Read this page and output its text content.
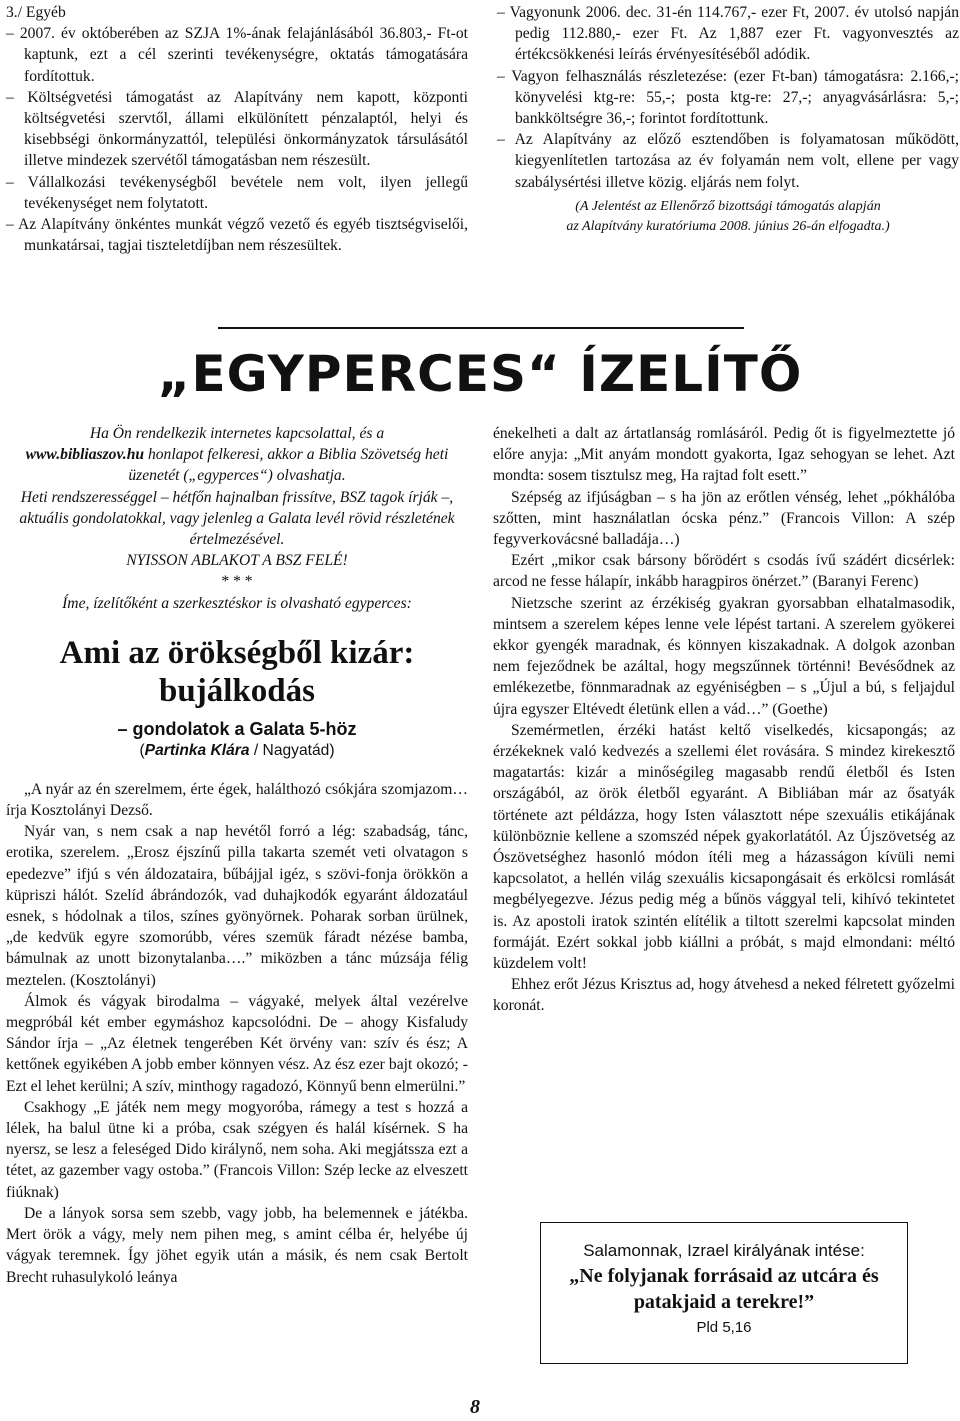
3./ Egyéb

– 2007. év októberében az SZJA 1%-ának felajánlásából 36.803,- Ft-ot kaptunk, ezt a cél szerinti tevékenységre, oktatás támogatására fordítottuk.

– Költségvetési támogatást az Alapítvány nem kapott, központi költségvetési szervtől, állami elkülönített pénzalaptól, helyi és kisebbségi önkormányzattól, települési önkormányzatok társulásától illetve mindezek szervétől támogatásban nem részesült.

– Vállalkozási tevékenységből bevétele nem volt, ilyen jellegű tevékenységet nem folytatott.

– Az Alapítvány önkéntes munkát végző vezető és egyéb tisztségviselői, munkatársai, tagjai tiszteletdíjban nem részesültek.

– Vagyonunk 2006. dec. 31-én 114.767,- ezer Ft, 2007. év utolsó napján pedig 112.880,- ezer Ft. Az 1,887 ezer Ft. vagyonvesztés az értékcsökkenési leírás érvényesítéséből adódik.

– Vagyon felhasználás részletezése: (ezer Ft-ban) támogatásra: 2.166,-; könyvelési ktg-re: 55,-; posta ktg-re: 27,-; anyagvásárlásra: 5,-; bankköltségre 36,-; forintot fordítottunk.

– Az Alapítvány az előző esztendőben is folyamatosan működött, kiegyenlítetlen tartozása az év folyamán nem volt, ellene per vagy szabálysértési illetve közig. eljárás nem folyt.

(A Jelentést az Ellenőrző bizottsági támogatás alapján
az Alapítvány kuratóriuma 2008. június 26-án elfogadta.)

„EGYPERCES“ ÍZELÍTŐ

Ha Ön rendelkezik internetes kapcsolattal, és a
www.bibliaszov.hu honlapot felkeresi, akkor a Biblia Szövetség heti üzenetét („egyperces“) olvashatja.

Heti rendszerességgel – hétfőn hajnalban frissítve, BSZ tagok írják –, aktuális gondolatokkal, vagy jelenleg a Galata levél rövid részletének értelmezésével.

NYISSON ABLAKOT A BSZ FELÉ!

* * *

Íme, ízelítőként a szerkesztéskor is olvasható egyperces:

Ami az örökségből kizár: bujálkodás
– gondolatok a Galata 5-höz
(Partinka Klára / Nagyatád)

„A nyár az én szerelmem, érte égek, halálthozó csókjára szomjazom… írja Kosztolányi Dezső.

Nyár van, s nem csak a nap hevétől forró a lég: szabadság, tánc, erotika, szerelem. „Erosz éjszínű pilla takarta szemét veti olvatagon s epedezve” ifjú s vén áldozataira, bűbájjal igéz, s szövi-fonja örökkön a küpriszi hálót. Szelíd ábrándozók, vad duhajkodók egyaránt áldozatául esnek, s hódolnak a tilos, színes gyönyörnek. Poharak sorban ürülnek, „de kedvük egyre szomorúbb, véres szemük fáradt nézése bamba, bámulnak az unott bizonytalanba….” miközben a tánc múzsája félig meztelen. (Kosztolányi)

Álmok és vágyak birodalma – vágyaké, melyek által vezérelve megpróbál két ember egymáshoz kapcsolódni. De – ahogy Kisfaludy Sándor írja – „Az életnek tengerében Két örvény van: szív és ész; A kettőnek egyikében A jobb ember könnyen vész. Az ész ezer bajt okozó; - Ezt el lehet kerülni; A szív, minthogy ragadozó, Könnyű benn elmerülni.”

Csakhogy „E játék nem megy mogyoróba, rámegy a test s hozzá a lélek, ha balul ütne ki a próba, csak szégyen és halál kísérnek. S ha nyersz, se lesz a feleséged Dido királynő, nem soha. Aki megjátssza ezt a tétet, az gazember vagy ostoba.” (Francois Villon: Szép lecke az elveszett fiúknak)

De a lányok sorsa sem szebb, vagy jobb, ha belemennek e játékba. Mert örök a vágy, mely nem pihen meg, s amint célba ér, helyébe új vágyak teremnek. Így jöhet egyik után a másik, és nem csak Bertolt Brecht ruhasulykoló leánya

énekelheti a dalt az ártatlanság romlásáról. Pedig őt is figyelmeztette jó előre anyja: „Mit anyám mondott gyakorta, Igaz sehogyan se lehet. Azt mondta: sosem tisztulsz meg, Ha rajtad folt esett.”

Szépség az ifjúságban – s ha jön az erőtlen vénség, lehet „pókhálóba szőtten, mint használatlan ócska pénz.” (Francois Villon: A szép fegyverkovácsné balladája…)

Ezért „mikor csak bársony bőrödért s csodás ívű szádért dicsérlek: arcod ne fesse hálapír, inkább haragpiros önérzet.” (Baranyi Ferenc)

Nietzsche szerint az érzékiség gyakran gyorsabban elhatalmasodik, mintsem a szerelem képes lenne vele lépést tartani. A szerelem gyökerei ekkor gyengék maradnak, és könnyen kiszakadnak. A dolgok azonban nem fejeződnek be azáltal, hogy megszűnnek történni! Bevésődnek az emlékezetbe, fönnmaradnak az egyéniségben – s „Újul a bú, s feljajdul újra egyszer Eltévedt életünk ellen a vád…” (Goethe)

Szemérmetlen, érzéki hatást keltő viselkedés, kicsapongás; az érzékeknek való kedvezés a szellemi élet rovására. S mindez kirekesztő magatartás: kizár a minőségileg magasabb rendű életből és Isten országából, az örök életből egyaránt. A Bibliában már az ősatyák története azt példázza, hogy Isten választott népe szexuális etikájának különbözniе kellene a szomszéd népek gyakorlatától. Az Újszövetség az Ószövetséghez hasonló módon ítéli meg a házasságon kívüli nemi kapcsolatot, a hellén világ szexuális kicsapongásait és erkölcsi romlását megbélyegezve. Jézus pedig még a bűnös vággyal teli, kihívó tekintetet is. Az apostoli iratok szintén elítélik a tiltott szerelmi kapcsolat minden formáját. Ezért sokkal jobb kiállni a próbát, s majd elmondani: méltó küzdelem volt!

Ehhez erőt Jézus Krisztus ad, hogy átvehesd a neked félretett győzelmi koronát.

Salamonnak, Izrael királyának intése:
„Ne folyjanak forrásaid az utcára és patakjaid a terekre!”
Pld 5,16
8
